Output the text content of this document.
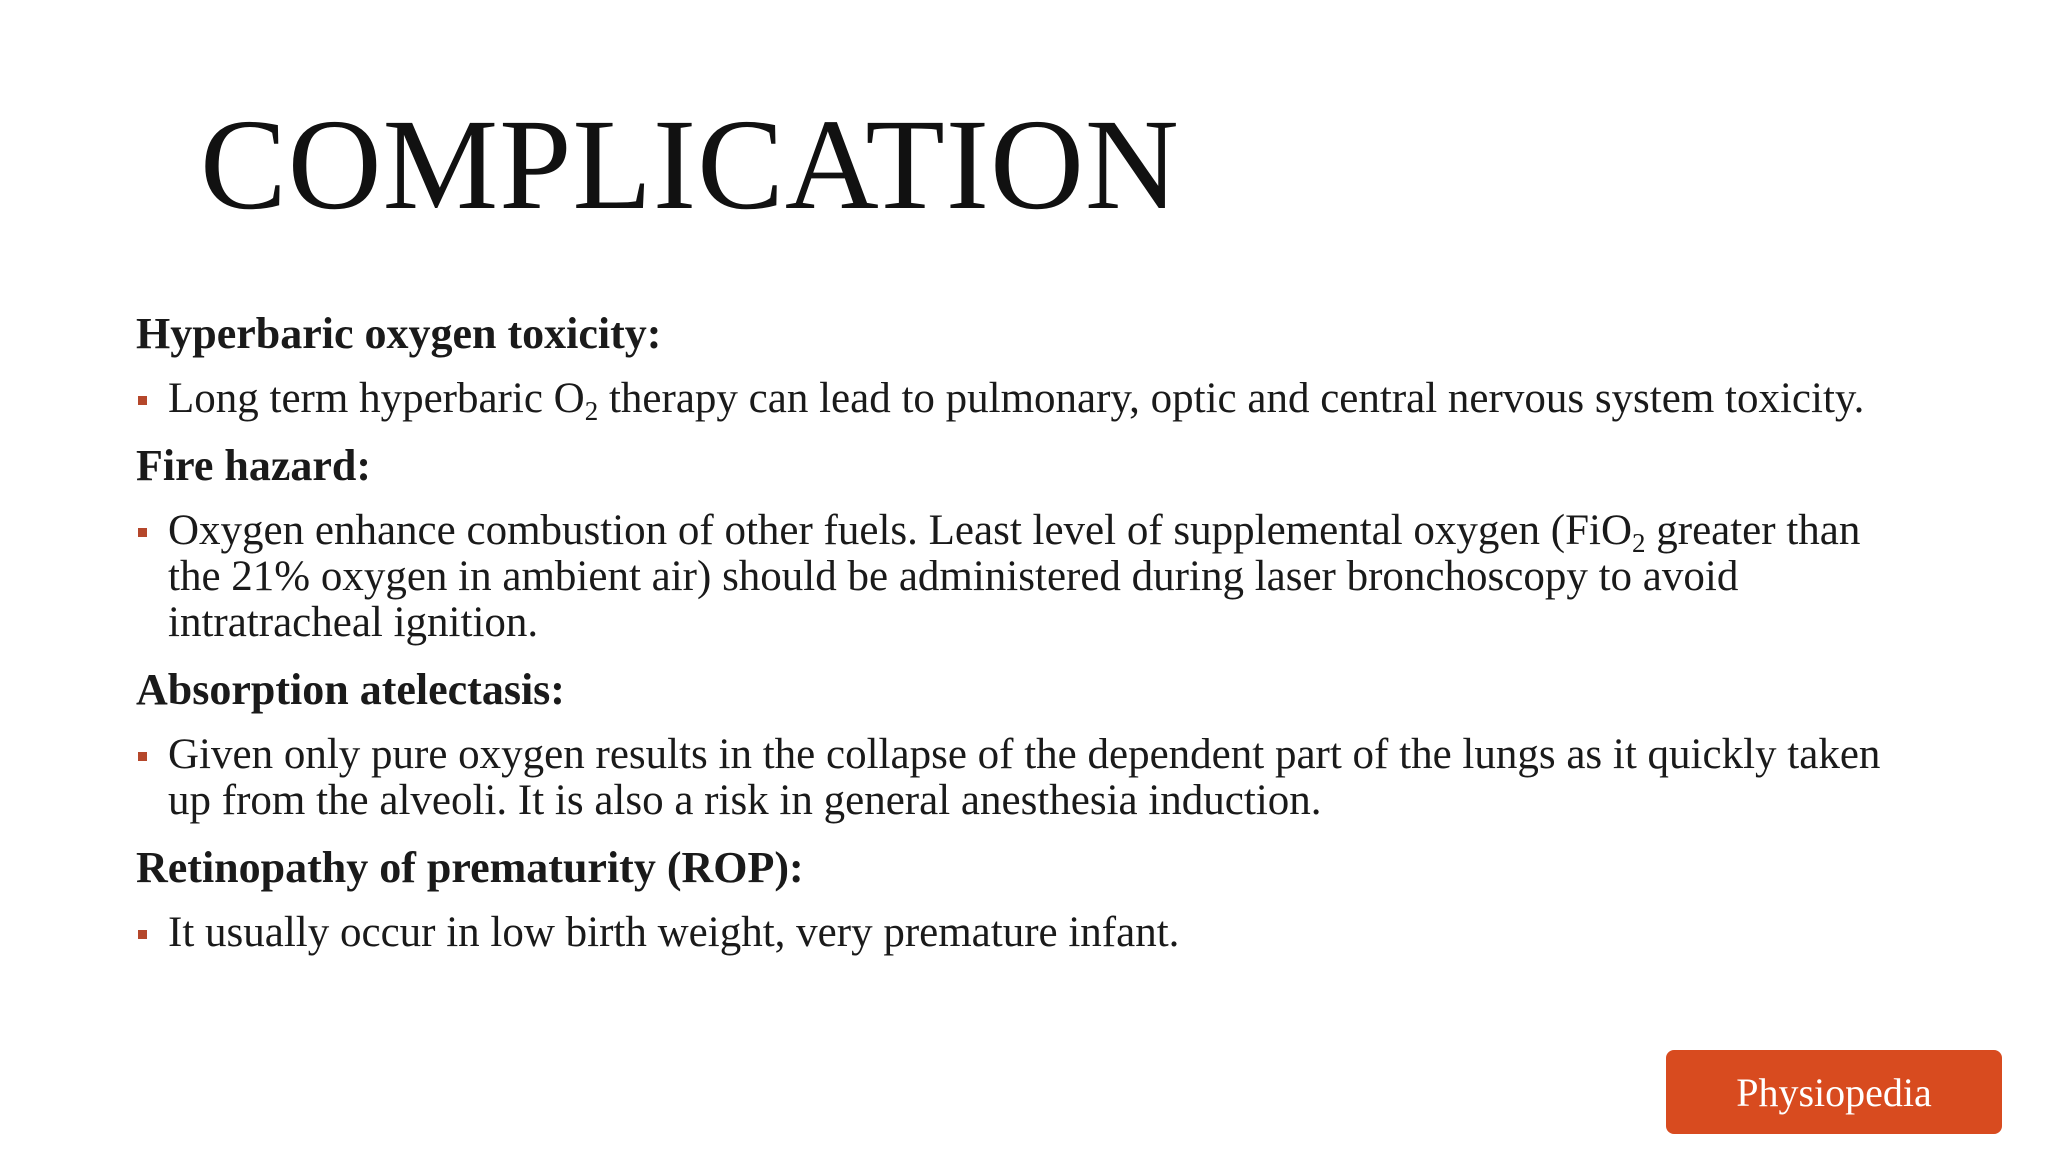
COMPLICATION
Hyperbaric oxygen toxicity:
Long term hyperbaric $O_2$ therapy can lead to pulmonary, optic and central nervous system toxicity.
Fire hazard:
Oxygen enhance combustion of other fuels. Least level of supplemental oxygen (FiO$_2$ greater than the 21% oxygen in ambient air) should be administered during laser bronchoscopy to avoid intratracheal ignition.
Absorption atelectasis:
Given only pure oxygen results in the collapse of the dependent part of the lungs as it quickly taken up from the alveoli. It is also a risk in general anesthesia induction.
Retinopathy of prematurity (ROP):
It usually occur in low birth weight, very premature infant.
Physiopedia
